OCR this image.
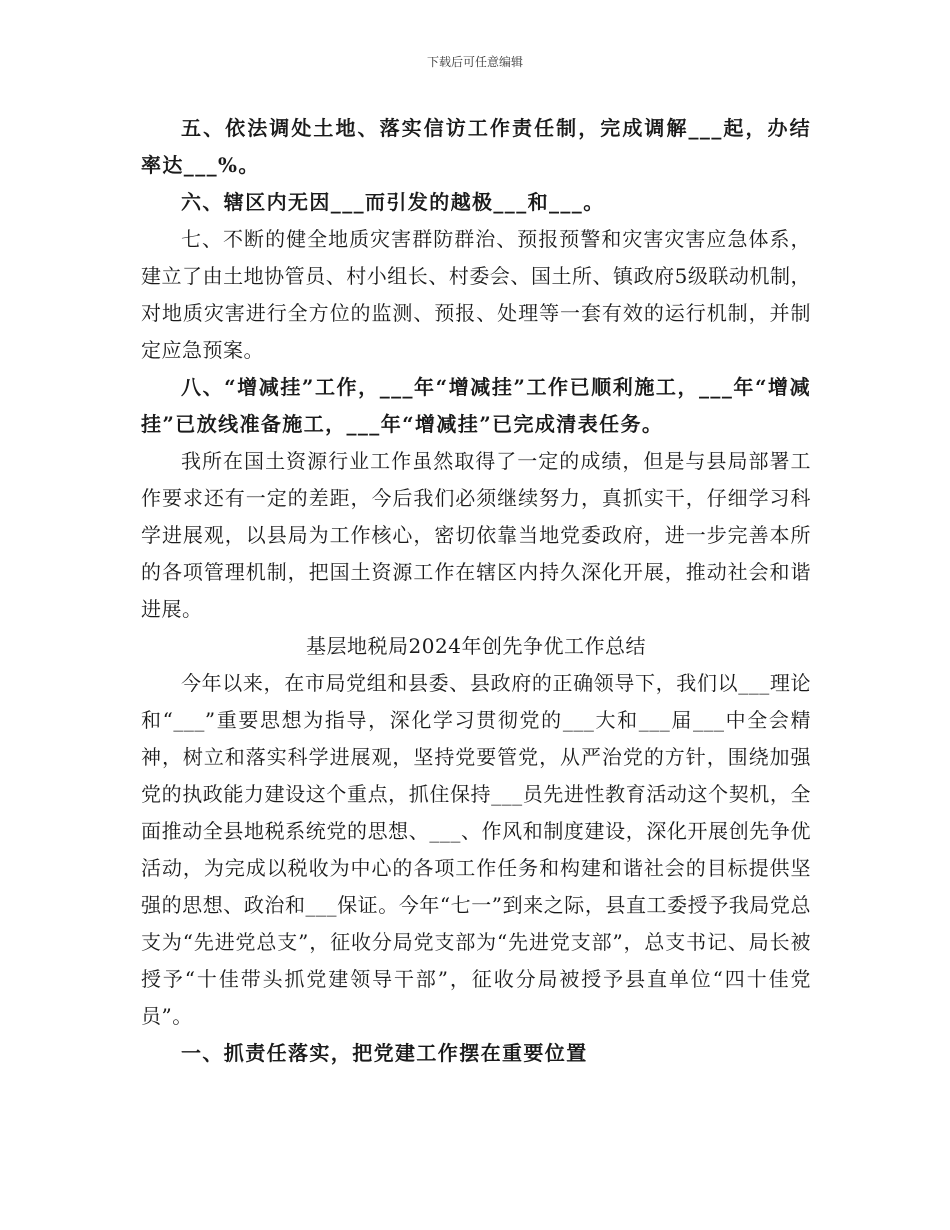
下载后可任意编辑

五、依法调处土地、落实信访工作责任制，完成调解___起，办结率达___%。

六、辖区内无因___而引发的越极___和___。

七、不断的健全地质灾害群防群治、预报预警和灾害灾害应急体系，建立了由土地协管员、村小组长、村委会、国土所、镇政府5级联动机制，对地质灾害进行全方位的监测、预报、处理等一套有效的运行机制，并制定应急预案。

八、“增减挂”工作，___年“增减挂”工作已顺利施工，___年“增减挂”已放线准备施工，___年“增减挂”已完成清表任务。

我所在国土资源行业工作虽然取得了一定的成绩，但是与县局部署工作要求还有一定的差距，今后我们必须继续努力，真抓实干，仔细学习科学进展观，以县局为工作核心，密切依靠当地党委政府，进一步完善本所的各项管理机制，把国土资源工作在辖区内持久深化开展，推动社会和谐进展。

基层地税局2024年创先争优工作总结

今年以来，在市局党组和县委、县政府的正确领导下，我们以___理论和“___”重要思想为指导，深化学习贯彻党的___大和___届___中全会精神，树立和落实科学进展观，坚持党要管党，从严治党的方针，围绕加强党的执政能力建设这个重点，抓住保持___员先进性教育活动这个契机，全面推动全县地税系统党的思想、___、作风和制度建设，深化开展创先争优活动，为完成以税收为中心的各项工作任务和构建和谐社会的目标提供坚强的思想、政治和___保证。今年“七一”到来之际，县直工委授予我局党总支为“先进党总支”，征收分局党支部为“先进党支部”，总支书记、局长被授予“十佳带头抓党建领导干部”，征收分局被授予县直单位“四十佳党员”。

一、抓责任落实，把党建工作摆在重要位置
